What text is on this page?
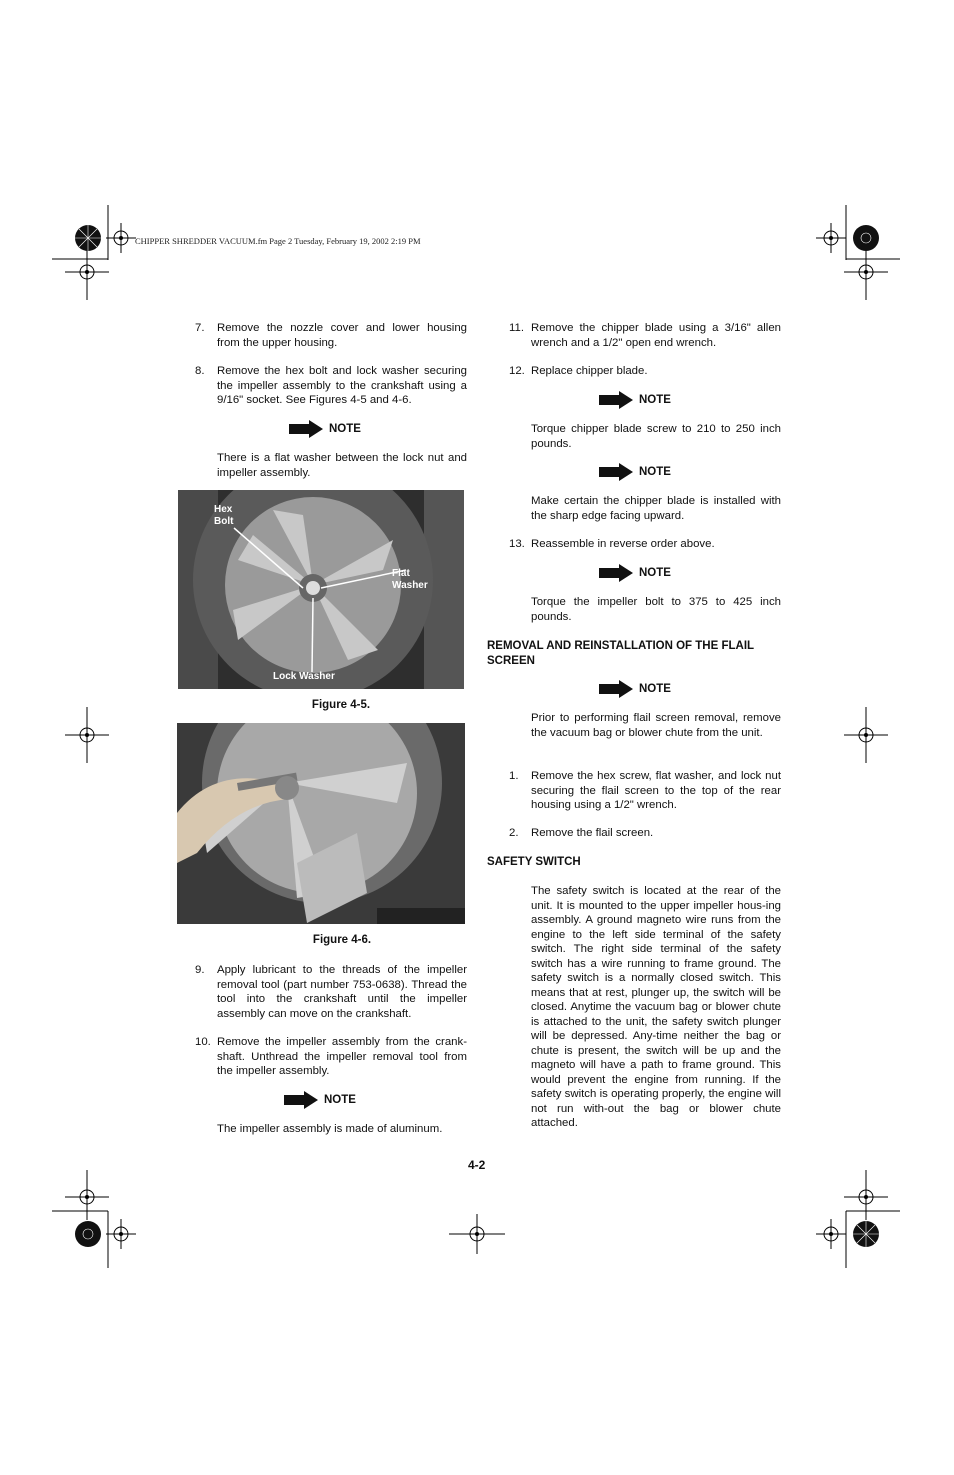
CHIPPER SHREDDER VACUUM.fm Page 2 Tuesday, February 19, 2002 2:19 PM
7.	Remove the nozzle cover and lower housing from the upper housing.
8.	Remove the hex bolt and lock washer securing the impeller assembly to the crankshaft using a 9/16" socket. See Figures 4-5 and 4-6.
NOTE
There is a flat washer between the lock nut and impeller assembly.
Hex Bolt
Flat Washer
Lock Washer
Figure 4-5.
Figure 4-6.
9.	Apply lubricant to the threads of the impeller removal tool (part number 753-0638). Thread the tool into the crankshaft until the impeller assembly can move on the crankshaft.
10. Remove the impeller assembly from the crank-shaft. Unthread the impeller removal tool from the impeller assembly.
NOTE
The impeller assembly is made of aluminum.
11. Remove the chipper blade using a 3/16" allen wrench and a 1/2" open end wrench.
12. Replace chipper blade.
NOTE
Torque chipper blade screw to 210 to 250 inch pounds.
NOTE
Make certain the chipper blade is installed with the sharp edge facing upward.
13. Reassemble in reverse order above.
NOTE
Torque the impeller bolt to 375 to 425 inch pounds.
REMOVAL AND REINSTALLATION OF THE FLAIL SCREEN
NOTE
Prior to performing flail screen removal, remove the vacuum bag or blower chute from the unit.
1.	Remove the hex screw, flat washer, and lock nut securing the flail screen to the top of the rear housing using a 1/2" wrench.
2.	Remove the flail screen.
SAFETY SWITCH
The safety switch is located at the rear of the unit. It is mounted to the upper impeller hous-ing assembly. A ground magneto wire runs from the engine to the left side terminal of the safety switch. The right side terminal of the safety switch has a wire running to frame ground. The safety switch is a normally closed switch. This means that at rest, plunger up, the switch will be closed. Anytime the vacuum bag or blower chute is attached to the unit, the safety switch plunger will be depressed. Any-time neither the bag or chute is present, the switch will be up and the magneto will have a path to frame ground. This would prevent the engine from running. If the safety switch is operating properly, the engine will not run with-out the bag or blower chute attached.
4-2
